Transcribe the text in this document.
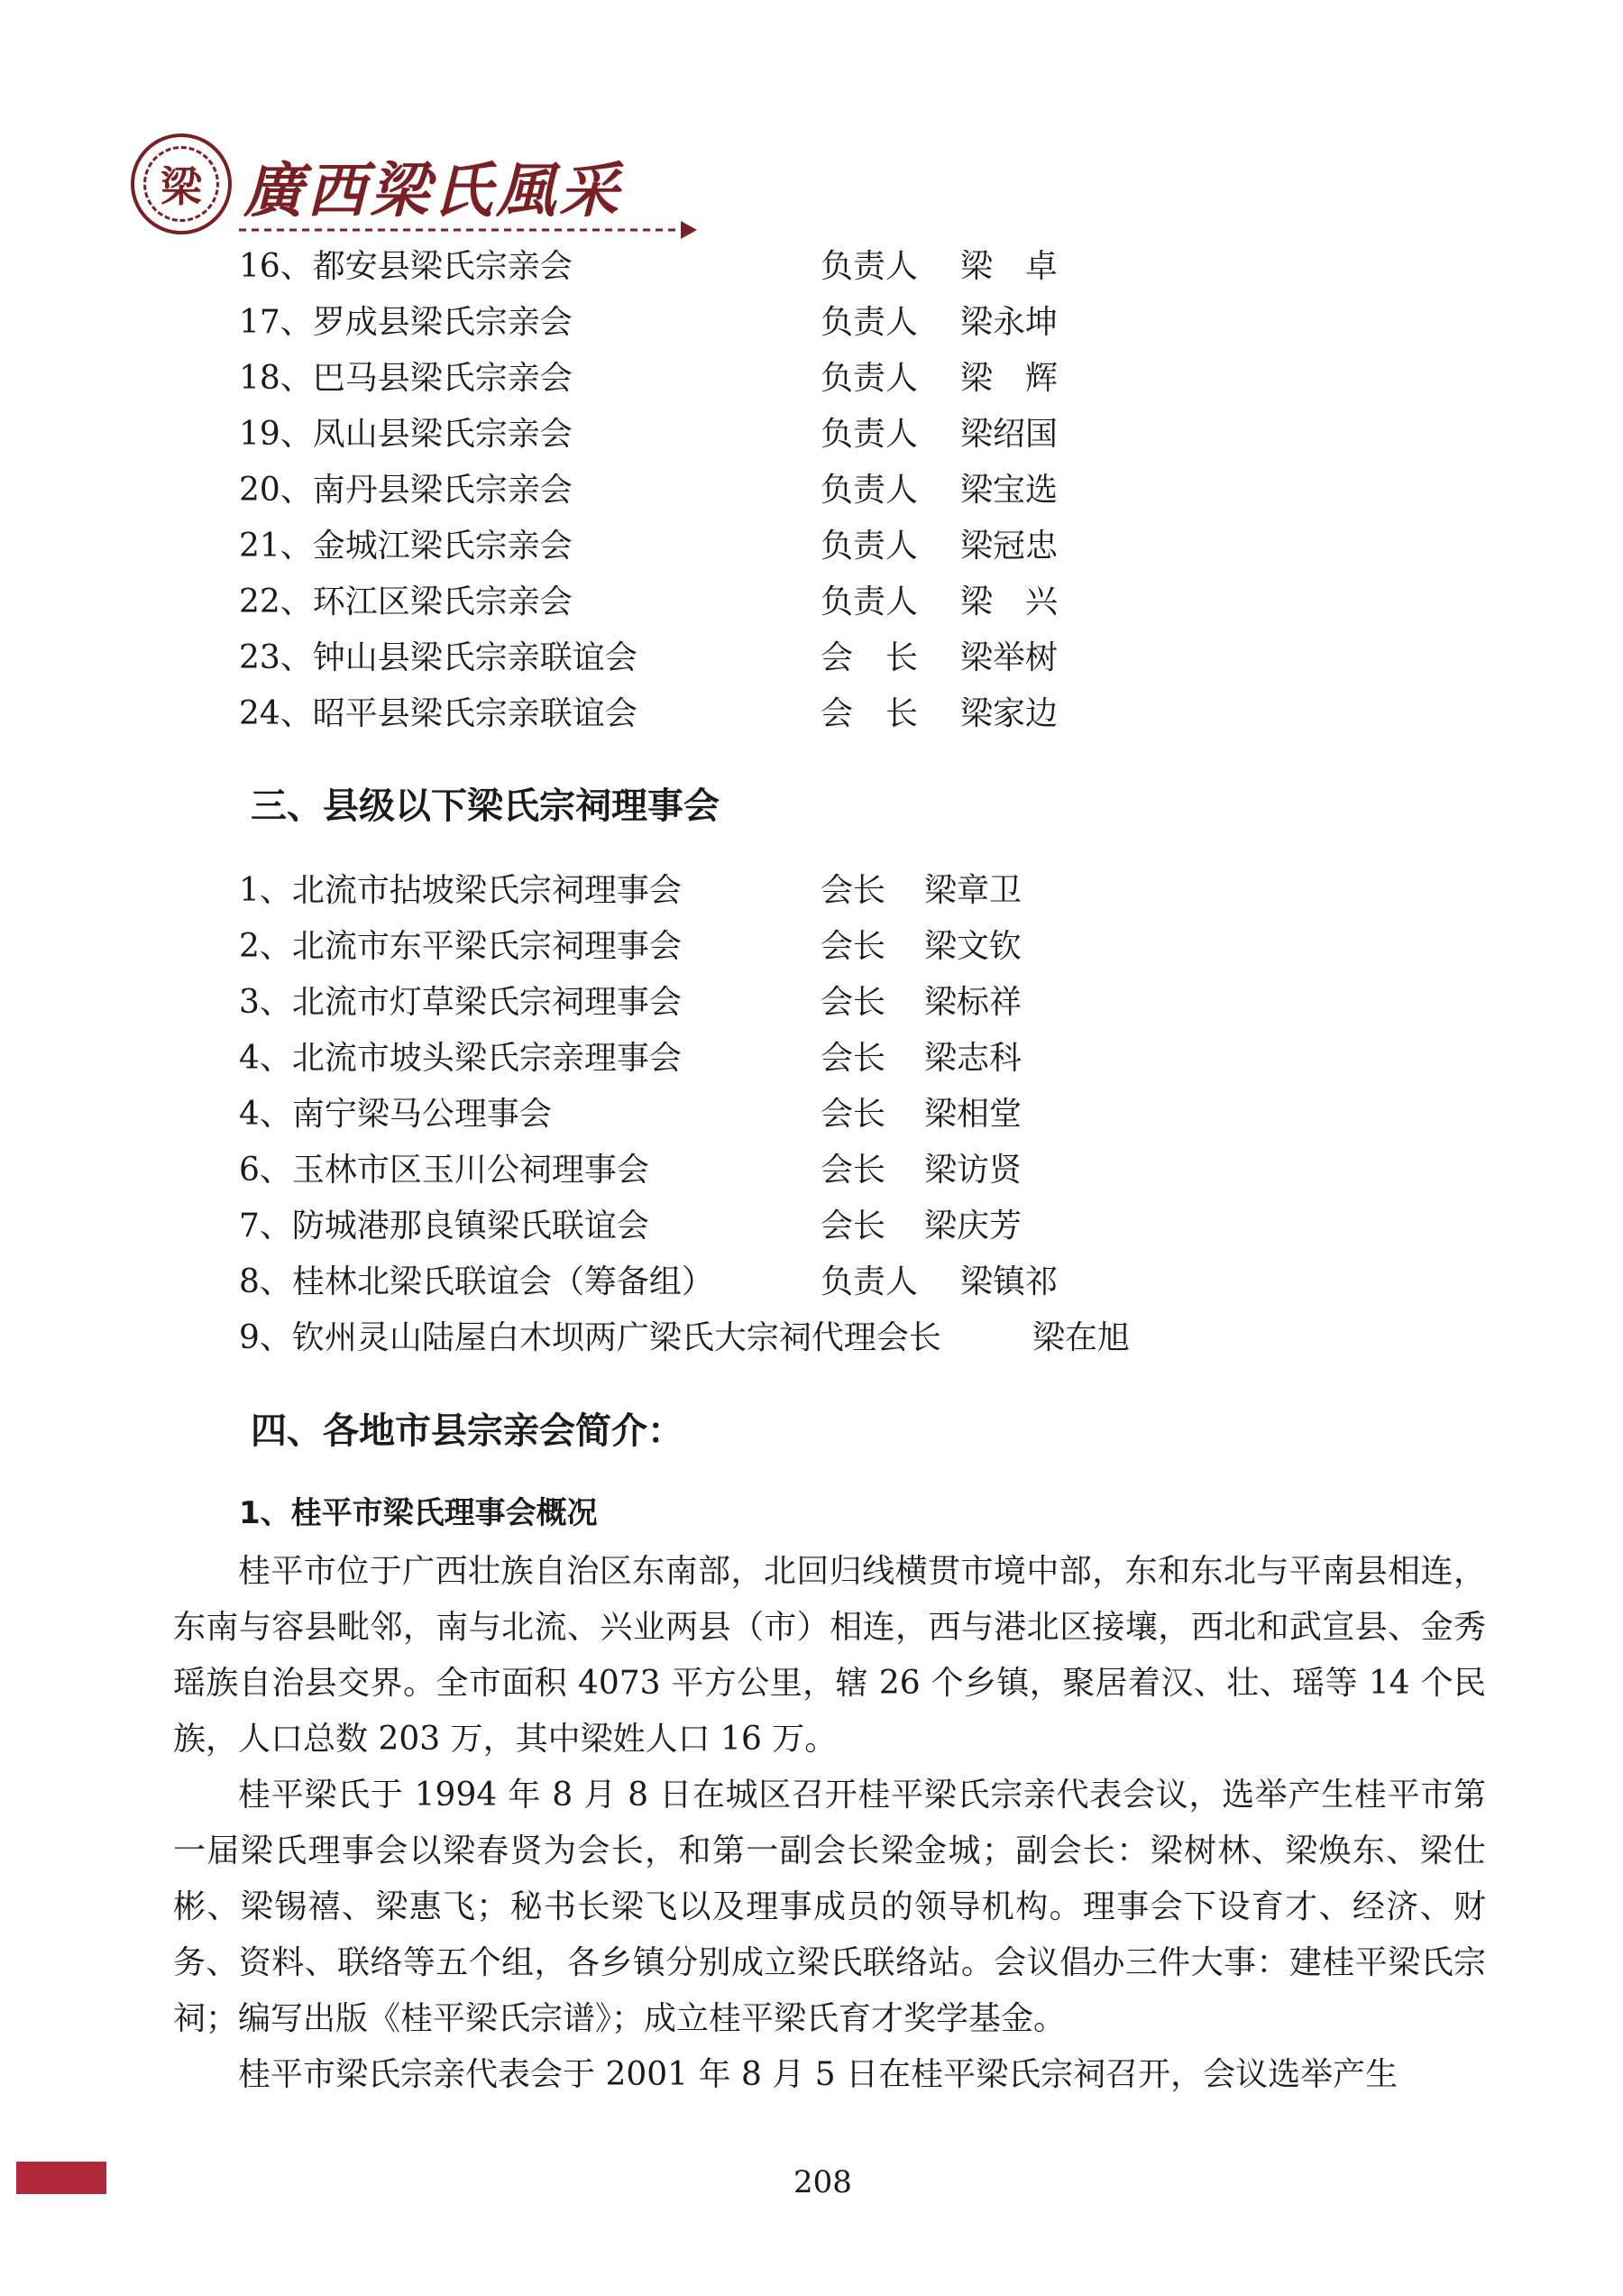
梁 廣西梁氏風采
16、都安县梁氏宗亲会	负责人 梁　卓
17、罗成县梁氏宗亲会	负责人 梁永坤
18、巴马县梁氏宗亲会	负责人 梁　辉
19、凤山县梁氏宗亲会	负责人 梁绍国
20、南丹县梁氏宗亲会	负责人 梁宝选
21、金城江梁氏宗亲会	负责人 梁冠忠
22、环江区梁氏宗亲会	负责人 梁　兴
23、钟山县梁氏宗亲联谊会	会　长 梁举树
24、昭平县梁氏宗亲联谊会	会　长 梁家边
三、县级以下梁氏宗祠理事会
1、北流市拈坡梁氏宗祠理事会	会长 梁章卫
2、北流市东平梁氏宗祠理事会	会长 梁文钦
3、北流市灯草梁氏宗祠理事会	会长 梁标祥
4、北流市坡头梁氏宗亲理事会	会长 梁志科
4、南宁梁马公理事会	会长 梁相堂
6、玉林市区玉川公祠理事会	会长 梁访贤
7、防城港那良镇梁氏联谊会	会长 梁庆芳
8、桂林北梁氏联谊会（筹备组）	负责人 梁镇祁
9、钦州灵山陆屋白木坝两广梁氏大宗祠代理会长	梁在旭
四、各地市县宗亲会简介：
1、桂平市梁氏理事会概况

桂平市位于广西壮族自治区东南部，北回归线横贯市境中部，东和东北与平南县相连，东南与容县毗邻，南与北流、兴业两县（市）相连，西与港北区接壤，西北和武宣县、金秀瑶族自治县交界。全市面积 4073 平方公里，辖 26 个乡镇，聚居着汉、壮、瑶等 14 个民族，人口总数 203 万，其中梁姓人口 16 万。

桂平梁氏于 1994 年 8 月 8 日在城区召开桂平梁氏宗亲代表会议，选举产生桂平市第一届梁氏理事会以梁春贤为会长，和第一副会长梁金城；副会长：梁树林、梁焕东、梁仕彬、梁锡禧、梁惠飞；秘书长梁飞以及理事成员的领导机构。理事会下设育才、经济、财务、资料、联络等五个组，各乡镇分别成立梁氏联络站。会议倡办三件大事：建桂平梁氏宗祠；编写出版《桂平梁氏宗谱》；成立桂平梁氏育才奖学基金。

桂平市梁氏宗亲代表会于 2001 年 8 月 5 日在桂平梁氏宗祠召开，会议选举产生

208
